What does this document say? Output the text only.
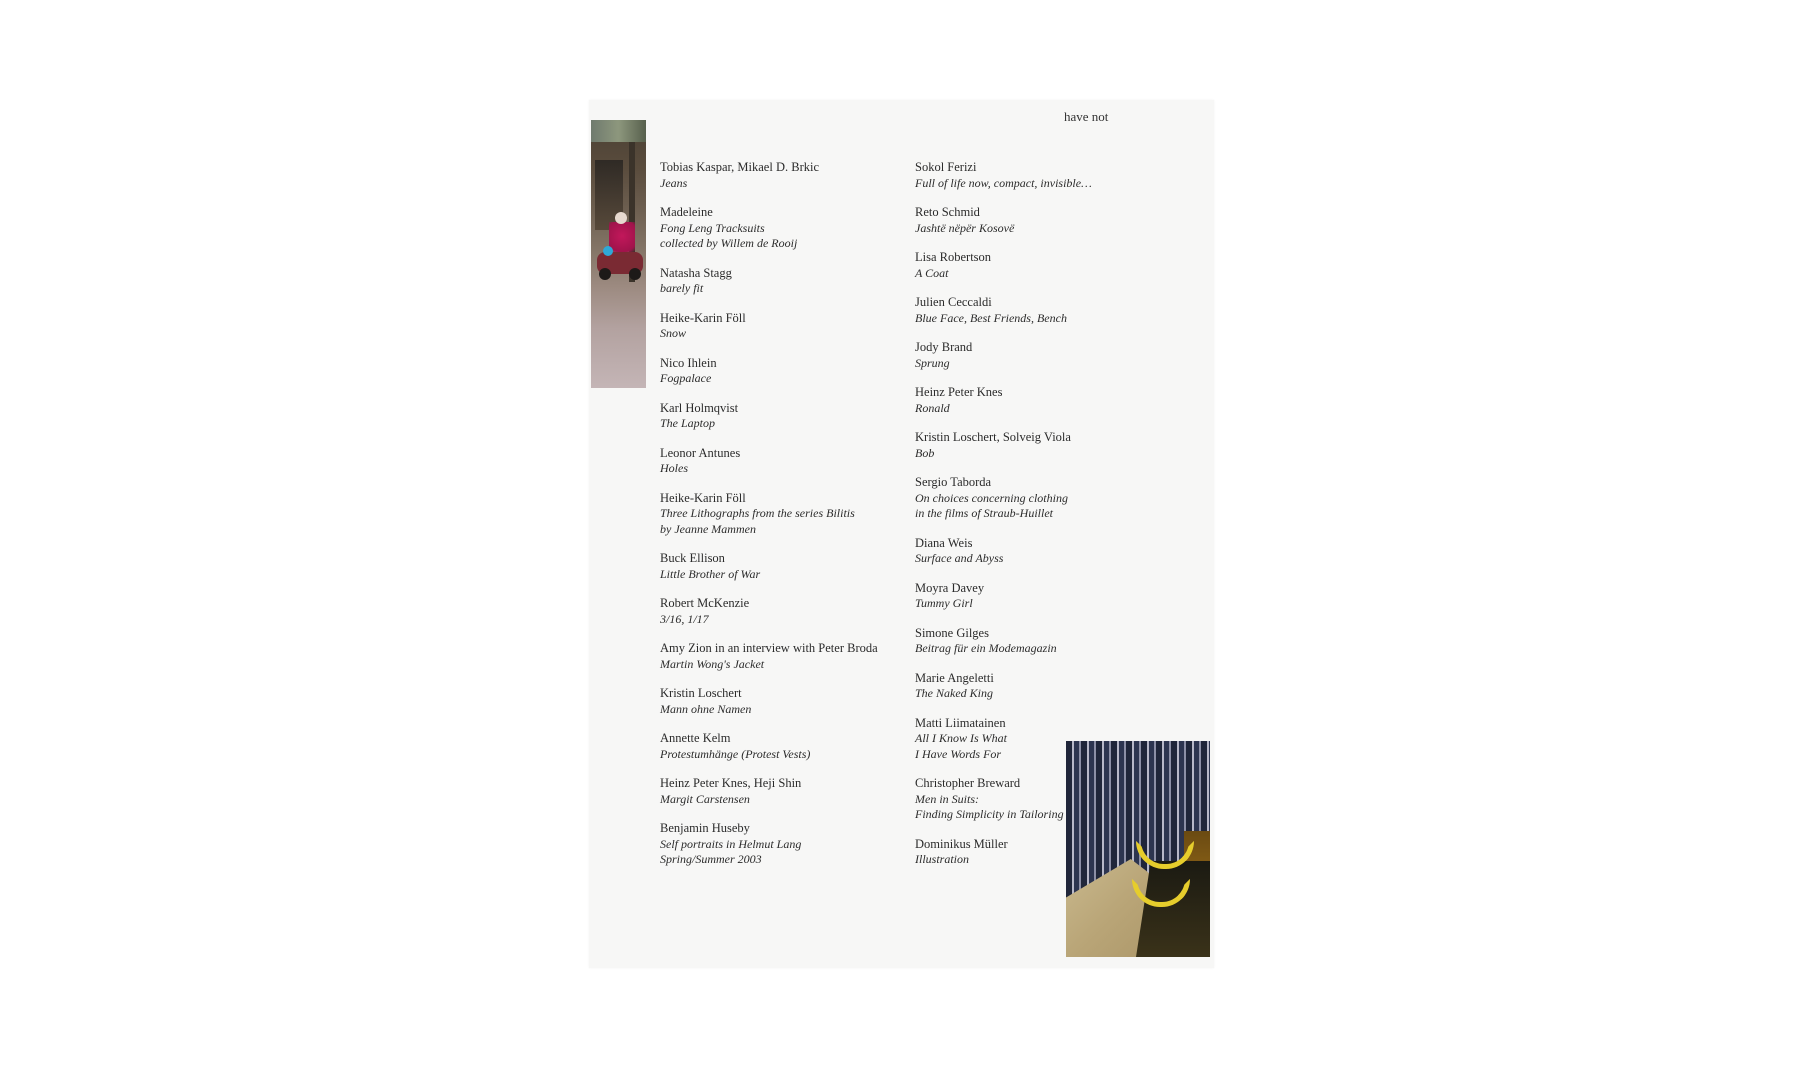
have not
Tobias Kaspar, Mikael D. Brkic
Jeans
Madeleine
Fong Leng Tracksuits
collected by Willem de Rooij
Natasha Stagg
barely fit
Heike-Karin Föll
Snow
Nico Ihlein
Fogpalace
Karl Holmqvist
The Laptop
Leonor Antunes
Holes
Heike-Karin Föll
Three Lithographs from the series Bilitis
by Jeanne Mammen
Buck Ellison
Little Brother of War
Robert McKenzie
3/16, 1/17
Amy Zion in an interview with Peter Broda
Martin Wong's Jacket
Kristin Loschert
Mann ohne Namen
Annette Kelm
Protestumhänge (Protest Vests)
Heinz Peter Knes, Heji Shin
Margit Carstensen
Benjamin Huseby
Self portraits in Helmut Lang
Spring/Summer 2003
Sokol Ferizi
Full of life now, compact, invisible…
Reto Schmid
Jashtë nëpër Kosovë
Lisa Robertson
A Coat
Julien Ceccaldi
Blue Face, Best Friends, Bench
Jody Brand
Sprung
Heinz Peter Knes
Ronald
Kristin Loschert, Solveig Viola
Bob
Sergio Taborda
On choices concerning clothing
in the films of Straub-Huillet
Diana Weis
Surface and Abyss
Moyra Davey
Tummy Girl
Simone Gilges
Beitrag für ein Modemagazin
Marie Angeletti
The Naked King
Matti Liimatainen
All I Know Is What
I Have Words For
Christopher Breward
Men in Suits:
Finding Simplicity in Tailoring
Dominikus Müller
Illustration
